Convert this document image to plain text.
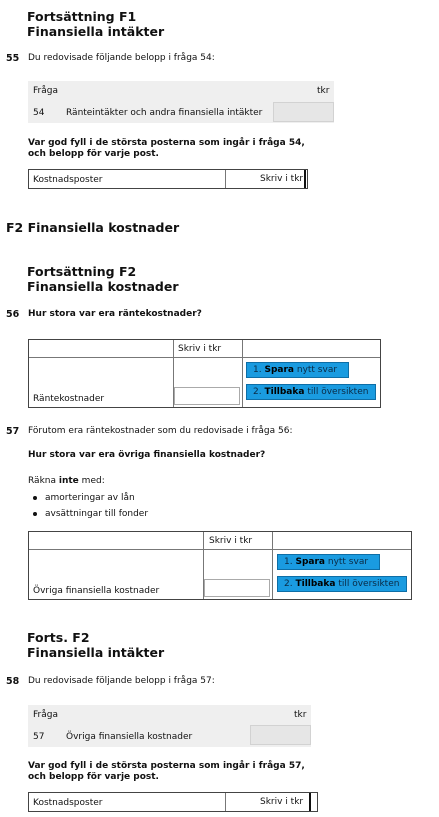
Fortsättning F1
Finansiella intäkter
55 Du redovisade följande belopp i fråga 54:
Fråga	tkr
54 Ränteintäkter och andra finansiella intäkter
Var god fyll i de största posterna som ingår i fråga 54,
och belopp för varje post.
Kostnadsposter	Skriv i tkr
F2 Finansiella kostnader
Fortsättning F2
Finansiella kostnader
56 Hur stora var era räntekostnader?
Skriv i tkr
Räntekostnader
1. Spara nytt svar
2. Tillbaka till översikten
57 Förutom era räntekostnader som du redovisade i fråga 56:
Hur stora var era övriga finansiella kostnader?
Räkna inte med:
amorteringar av lån
avsättningar till fonder
Skriv i tkr
Övriga finansiella kostnader
1. Spara nytt svar
2. Tillbaka till översikten
Forts. F2
Finansiella intäkter
58 Du redovisade följande belopp i fråga 57:
Fråga	tkr
57 Övriga finansiella kostnader
Var god fyll i de största posterna som ingår i fråga 57,
och belopp för varje post.
Kostnadsposter	Skriv i tkr
